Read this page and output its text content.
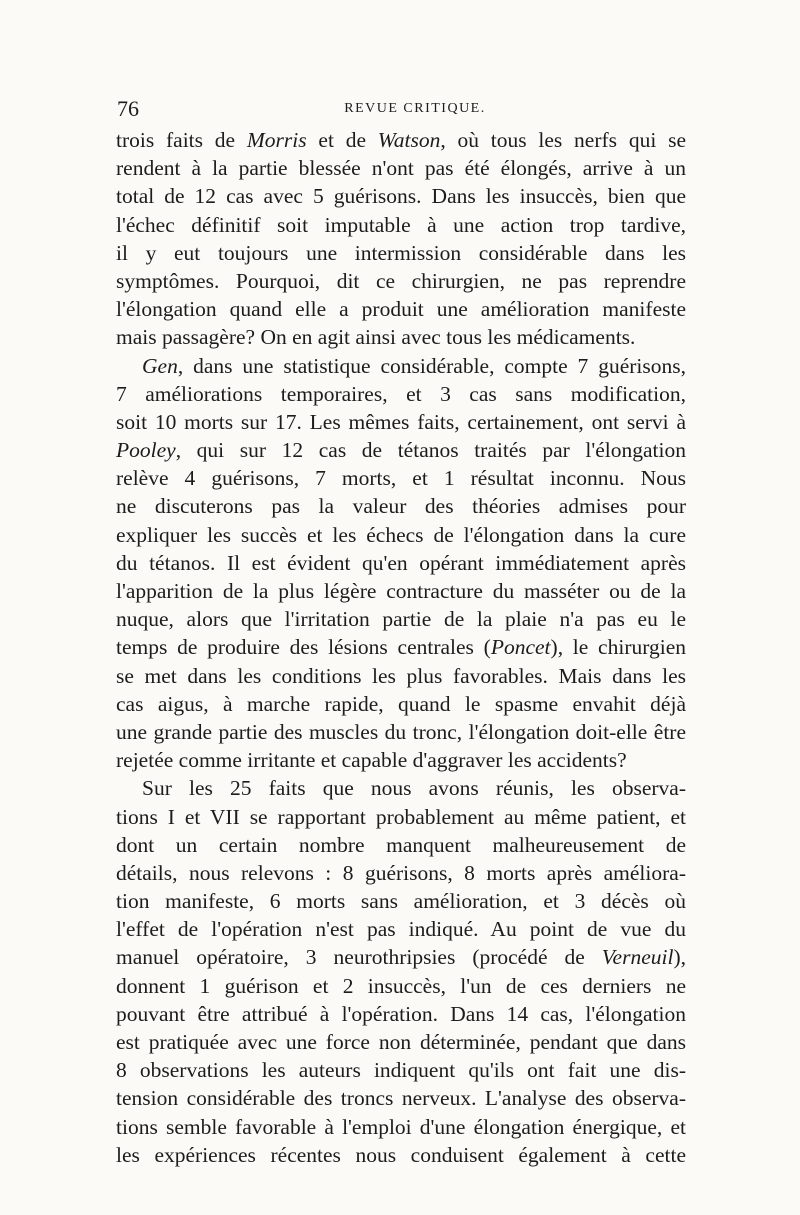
76	REVUE CRITIQUE.
trois faits de Morris et de Watson, où tous les nerfs qui se
rendent à la partie blessée n'ont pas été élongés, arrive à un
total de 12 cas avec 5 guérisons. Dans les insuccès, bien que
l'échec définitif soit imputable à une action trop tardive,
il y eut toujours une intermission considérable dans les
symptômes. Pourquoi, dit ce chirurgien, ne pas reprendre
l'élongation quand elle a produit une amélioration manifeste
mais passagère? On en agit ainsi avec tous les médicaments.
Gen, dans une statistique considérable, compte 7 guérisons,
7 améliorations temporaires, et 3 cas sans modification,
soit 10 morts sur 17. Les mêmes faits, certainement, ont servi à
Pooley, qui sur 12 cas de tétanos traités par l'élongation
relève 4 guérisons, 7 morts, et 1 résultat inconnu. Nous
ne discuterons pas la valeur des théories admises pour
expliquer les succès et les échecs de l'élongation dans la cure
du tétanos. Il est évident qu'en opérant immédiatement après
l'apparition de la plus légère contracture du masséter ou de la
nuque, alors que l'irritation partie de la plaie n'a pas eu le
temps de produire des lésions centrales (Poncet), le chirurgien
se met dans les conditions les plus favorables. Mais dans les
cas aigus, à marche rapide, quand le spasme envahit déjà
une grande partie des muscles du tronc, l'élongation doit-elle être
rejetée comme irritante et capable d'aggraver les accidents?
Sur les 25 faits que nous avons réunis, les observa-
tions I et VII se rapportant probablement au même patient, et
dont un certain nombre manquent malheureusement de
détails, nous relevons : 8 guérisons, 8 morts après améliora-
tion manifeste, 6 morts sans amélioration, et 3 décès où
l'effet de l'opération n'est pas indiqué. Au point de vue du
manuel opératoire, 3 neurothripsies (procédé de Verneuil),
donnent 1 guérison et 2 insuccès, l'un de ces derniers ne
pouvant être attribué à l'opération. Dans 14 cas, l'élongation
est pratiquée avec une force non déterminée, pendant que dans
8 observations les auteurs indiquent qu'ils ont fait une dis-
tension considérable des troncs nerveux. L'analyse des observa-
tions semble favorable à l'emploi d'une élongation énergique, et
les expériences récentes nous conduisent également à cette
